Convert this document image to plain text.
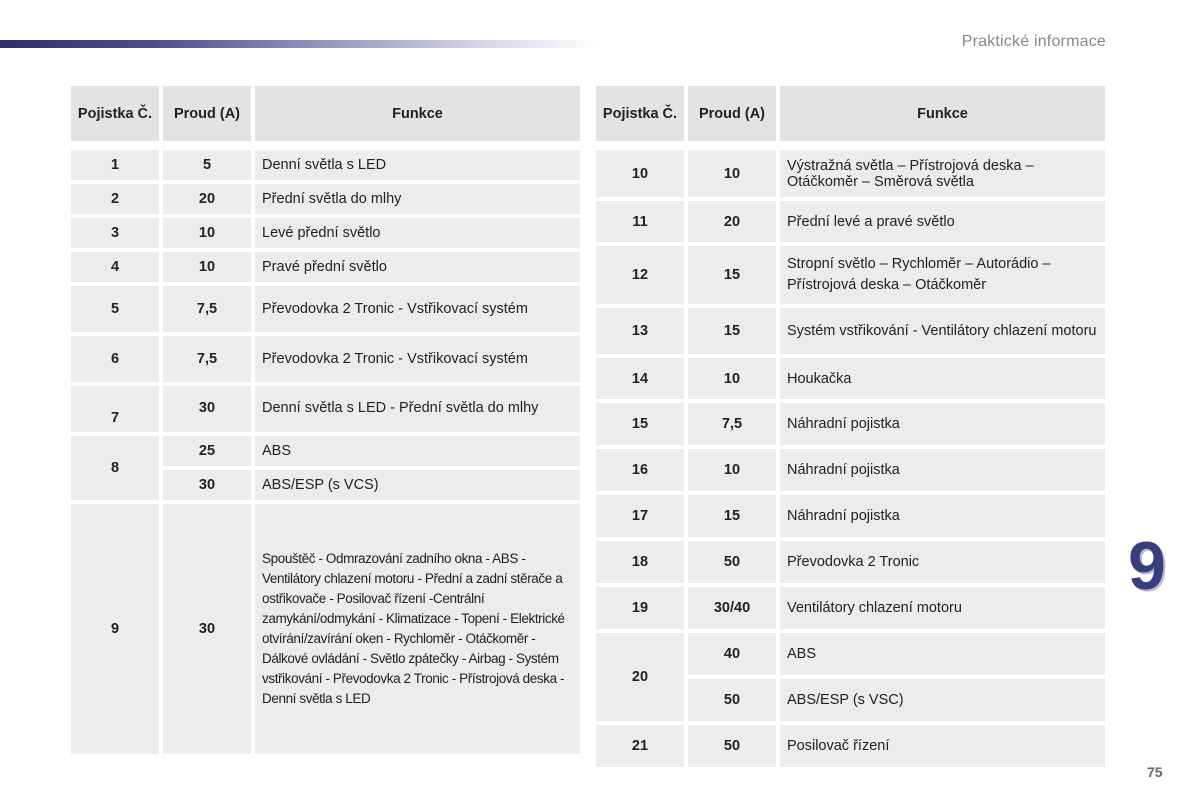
Praktické informace
Pojistka Č.	Proud (A)	Funkce

1	5	Denní světla s LED
2	20	Přední světla do mlhy
3	10	Levé přední světlo
4	10	Pravé přední světlo
5	7,5	Převodovka 2 Tronic - Vstřikovací systém
6	7,5	Převodovka 2 Tronic - Vstřikovací systém
7	30	Denní světla s LED - Přední světla do mlhy
8	25	ABS
	30	ABS/ESP (s VCS)
9	30	Spouštěč - Odmrazování zadního okna - ABS - Ventilátory chlazení motoru - Přední a zadní stěrače a ostřikovače - Posilovač řízení -Centrální zamykání/odmykání - Klimatizace - Topení - Elektrické otvírání/zavírání oken - Rychloměr - Otáčkoměr - Dálkové ovládání - Světlo zpátečky - Airbag - Systém vstřikování - Převodovka 2 Tronic - Přístrojová deska - Denní světla s LED
Pojistka Č.	Proud (A)	Funkce

10	10	Výstražná světla – Přístrojová deska – Otáčkoměr – Směrová světla
11	20	Přední levé a pravé světlo
12	15	Stropní světlo – Rychloměr – Autorádio – Přístrojová deska – Otáčkoměr
13	15	Systém vstřikování - Ventilátory chlazení motoru
14	10	Houkačka
15	7,5	Náhradní pojistka
16	10	Náhradní pojistka
17	15	Náhradní pojistka
18	50	Převodovka 2 Tronic
19	30/40	Ventilátory chlazení motoru
20	40	ABS
	50	ABS/ESP (s VSC)
21	50	Posilovač řízení
9
75
